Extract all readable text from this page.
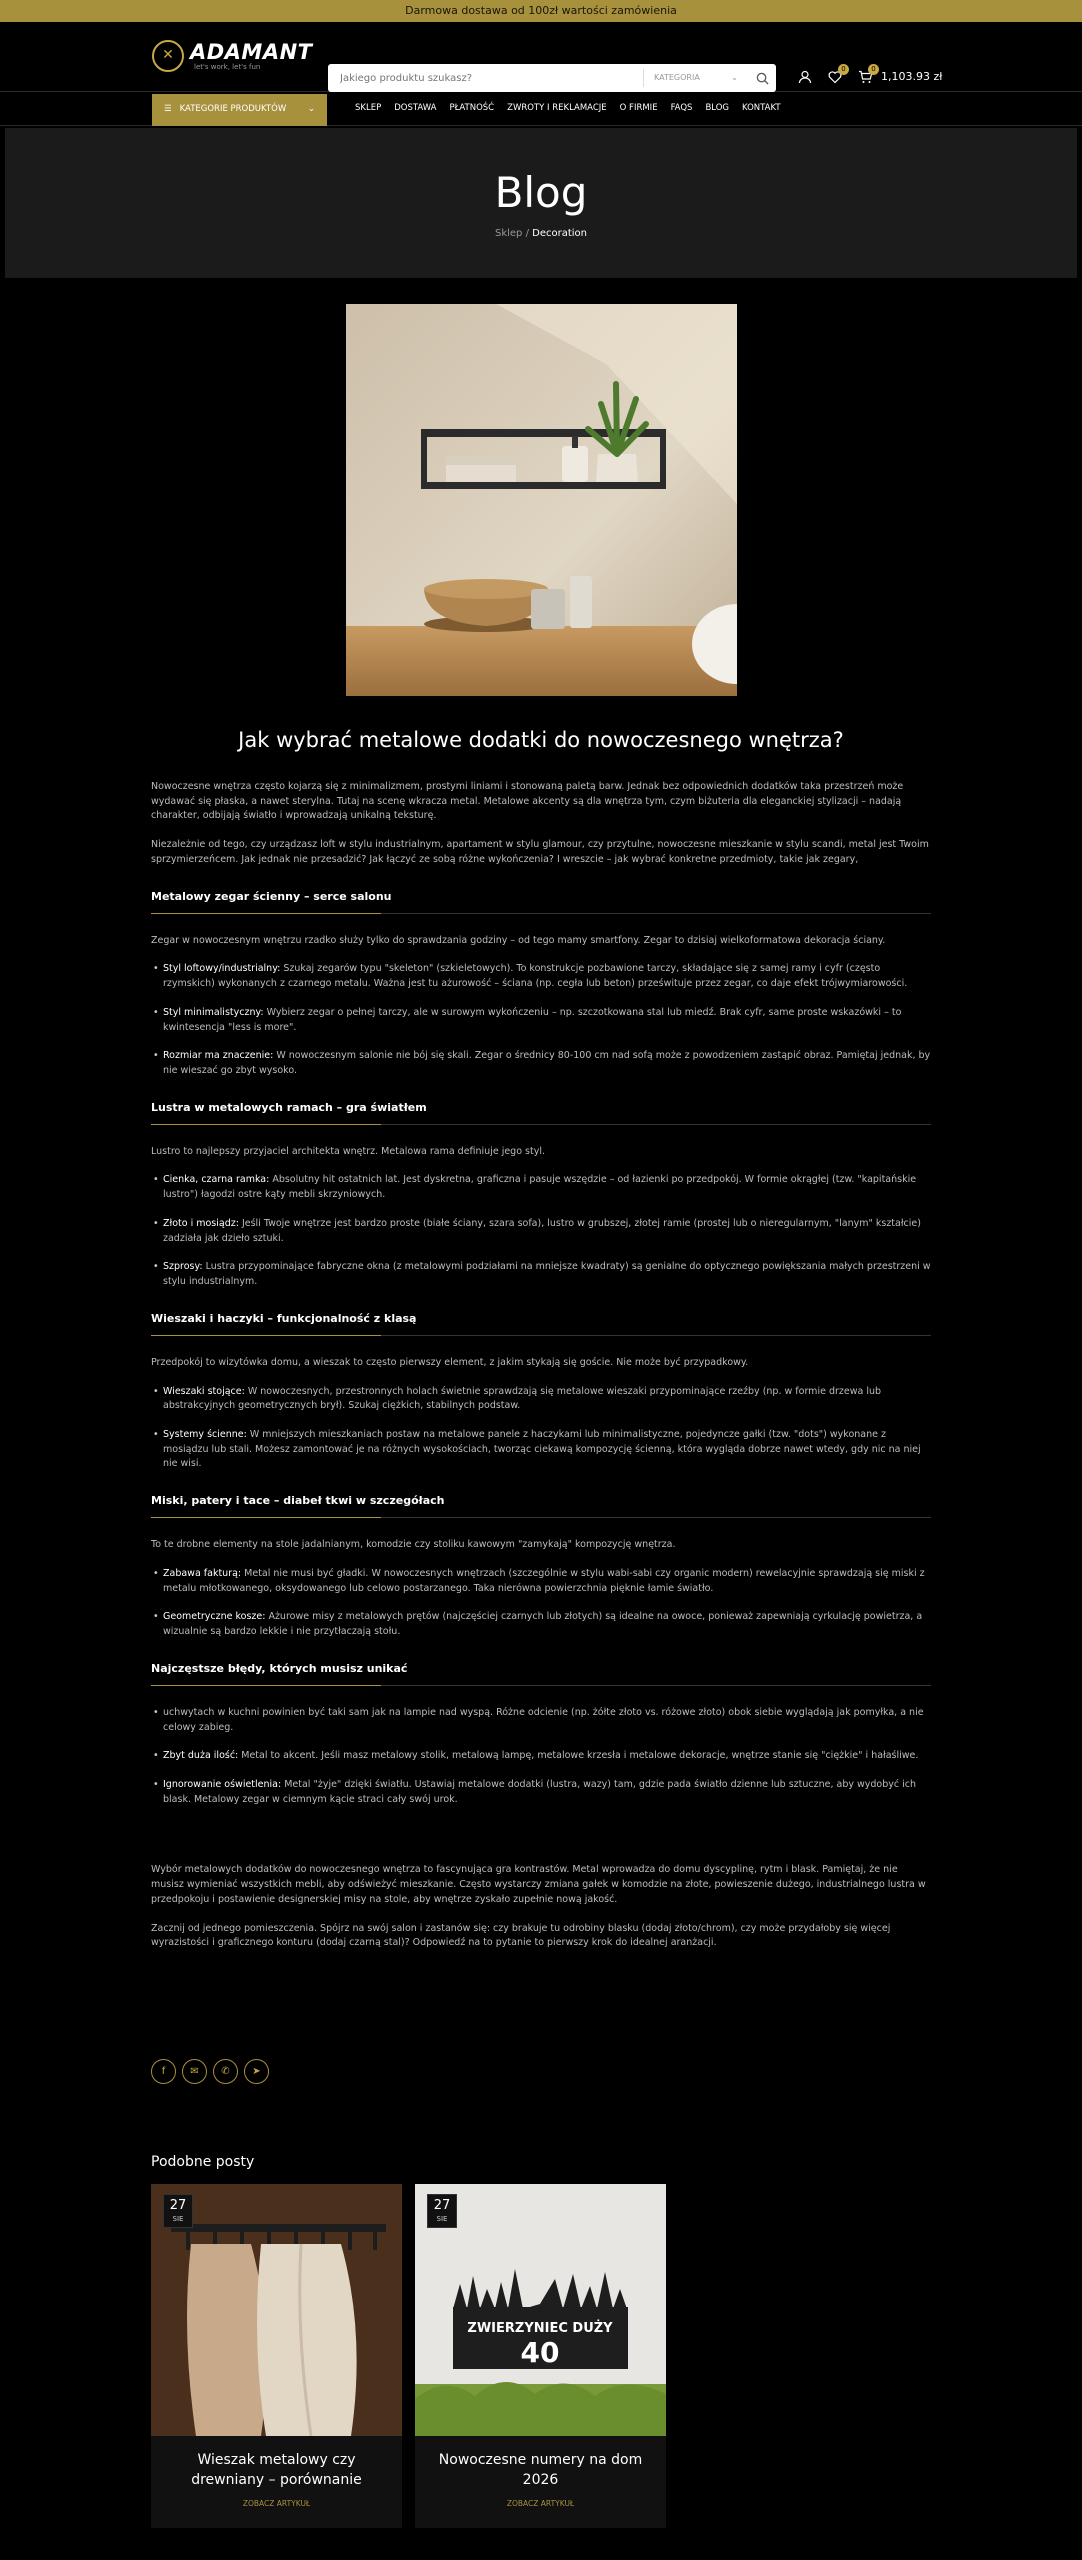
Darmowa dostawa od 100zł wartości zamówienia
✕ ADAMANT
let's work, let's fun
Jakiego produktu szukasz?
KATEGORIA	⌄
0	0
1,103.93 zł
☰ KATEGORIE PRODUKTÓW	⌄	SKLEP DOSTAWA PŁATNOŚĆ ZWROTY I REKLAMACJE O FIRMIE FAQS BLOG KONTAKT
Blog
Sklep / Decoration
Jak wybrać metalowe dodatki do nowoczesnego wnętrza?

Nowoczesne wnętrza często kojarzą się z minimalizmem, prostymi liniami i stonowaną paletą barw. Jednak bez odpowiednich dodatków taka przestrzeń może wydawać się płaska, a nawet sterylna. Tutaj na scenę wkracza metal. Metalowe akcenty są dla wnętrza tym, czym biżuteria dla eleganckiej stylizacji – nadają charakter, odbijają światło i wprowadzają unikalną teksturę.

Niezależnie od tego, czy urządzasz loft w stylu industrialnym, apartament w stylu glamour, czy przytulne, nowoczesne mieszkanie w stylu scandi, metal jest Twoim sprzymierzeńcem. Jak jednak nie przesadzić? Jak łączyć ze sobą różne wykończenia? I wreszcie – jak wybrać konkretne przedmioty, takie jak zegary,

Metalowy zegar ścienny – serce salonu

Zegar w nowoczesnym wnętrzu rzadko służy tylko do sprawdzania godziny – od tego mamy smartfony. Zegar to dzisiaj wielkoformatowa dekoracja ściany.

• Styl loftowy/industrialny: Szukaj zegarów typu "skeleton" (szkieletowych). To konstrukcje pozbawione tarczy, składające się z samej ramy i cyfr (często rzymskich) wykonanych z czarnego metalu. Ważna jest tu ażurowość – ściana (np. cegła lub beton) prześwituje przez zegar, co daje efekt trójwymiarowości.
• Styl minimalistyczny: Wybierz zegar o pełnej tarczy, ale w surowym wykończeniu – np. szczotkowana stal lub miedź. Brak cyfr, same proste wskazówki – to kwintesencja "less is more".
• Rozmiar ma znaczenie: W nowoczesnym salonie nie bój się skali. Zegar o średnicy 80-100 cm nad sofą może z powodzeniem zastąpić obraz. Pamiętaj jednak, by nie wieszać go zbyt wysoko.
Lustra w metalowych ramach – gra światłem

Lustro to najlepszy przyjaciel architekta wnętrz. Metalowa rama definiuje jego styl.

• Cienka, czarna ramka: Absolutny hit ostatnich lat. Jest dyskretna, graficzna i pasuje wszędzie – od łazienki po przedpokój. W formie okrągłej (tzw. "kapitańskie lustro") łagodzi ostre kąty mebli skrzyniowych.
• Złoto i mosiądz: Jeśli Twoje wnętrze jest bardzo proste (białe ściany, szara sofa), lustro w grubszej, złotej ramie (prostej lub o nieregularnym, "lanym" kształcie) zadziała jak dzieło sztuki.
• Szprosy: Lustra przypominające fabryczne okna (z metalowymi podziałami na mniejsze kwadraty) są genialne do optycznego powiększania małych przestrzeni w stylu industrialnym.
Wieszaki i haczyki – funkcjonalność z klasą

Przedpokój to wizytówka domu, a wieszak to często pierwszy element, z jakim stykają się goście. Nie może być przypadkowy.

• Wieszaki stojące: W nowoczesnych, przestronnych holach świetnie sprawdzają się metalowe wieszaki przypominające rzeźby (np. w formie drzewa lub abstrakcyjnych geometrycznych brył). Szukaj ciężkich, stabilnych podstaw.
• Systemy ścienne: W mniejszych mieszkaniach postaw na metalowe panele z haczykami lub minimalistyczne, pojedyncze gałki (tzw. "dots") wykonane z mosiądzu lub stali. Możesz zamontować je na różnych wysokościach, tworząc ciekawą kompozycję ścienną, która wygląda dobrze nawet wtedy, gdy nic na niej nie wisi.
Miski, patery i tace – diabeł tkwi w szczegółach

To te drobne elementy na stole jadalnianym, komodzie czy stoliku kawowym "zamykają" kompozycję wnętrza.

• Zabawa fakturą: Metal nie musi być gładki. W nowoczesnych wnętrzach (szczególnie w stylu wabi-sabi czy organic modern) rewelacyjnie sprawdzają się miski z metalu młotkowanego, oksydowanego lub celowo postarzanego. Taka nierówna powierzchnia pięknie łamie światło.
• Geometryczne kosze: Ażurowe misy z metalowych prętów (najczęściej czarnych lub złotych) są idealne na owoce, ponieważ zapewniają cyrkulację powietrza, a wizualnie są bardzo lekkie i nie przytłaczają stołu.
Najczęstsze błędy, których musisz unikać
• uchwytach w kuchni powinien być taki sam jak na lampie nad wyspą. Różne odcienie (np. żółte złoto vs. różowe złoto) obok siebie wyglądają jak pomyłka, a nie celowy zabieg.
• Zbyt duża ilość: Metal to akcent. Jeśli masz metalowy stolik, metalową lampę, metalowe krzesła i metalowe dekoracje, wnętrze stanie się "ciężkie" i hałaśliwe.
• Ignorowanie oświetlenia: Metal "żyje" dzięki światłu. Ustawiaj metalowe dodatki (lustra, wazy) tam, gdzie pada światło dzienne lub sztuczne, aby wydobyć ich blask. Metalowy zegar w ciemnym kącie straci cały swój urok.

Wybór metalowych dodatków do nowoczesnego wnętrza to fascynująca gra kontrastów. Metal wprowadza do domu dyscyplinę, rytm i blask. Pamiętaj, że nie musisz wymieniać wszystkich mebli, aby odświeżyć mieszkanie. Często wystarczy zmiana gałek w komodzie na złote, powieszenie dużego, industrialnego lustra w przedpokoju i postawienie designerskiej misy na stole, aby wnętrze zyskało zupełnie nową jakość.

Zacznij od jednego pomieszczenia. Spójrz na swój salon i zastanów się: czy brakuje tu odrobiny blasku (dodaj złoto/chrom), czy może przydałoby się więcej wyrazistości i graficznego konturu (dodaj czarną stal)? Odpowiedź na to pytanie to pierwszy krok do idealnej aranżacji.

f	✉	✆	➤
Podobne posty
27
SIE
Wieszak metalowy czy drewniany – porównanie
ZOBACZ ARTYKUŁ
ZWIERZYNIEC DUŻY
40
27
SIE
Nowoczesne numery na dom 2026
ZOBACZ ARTYKUŁ
